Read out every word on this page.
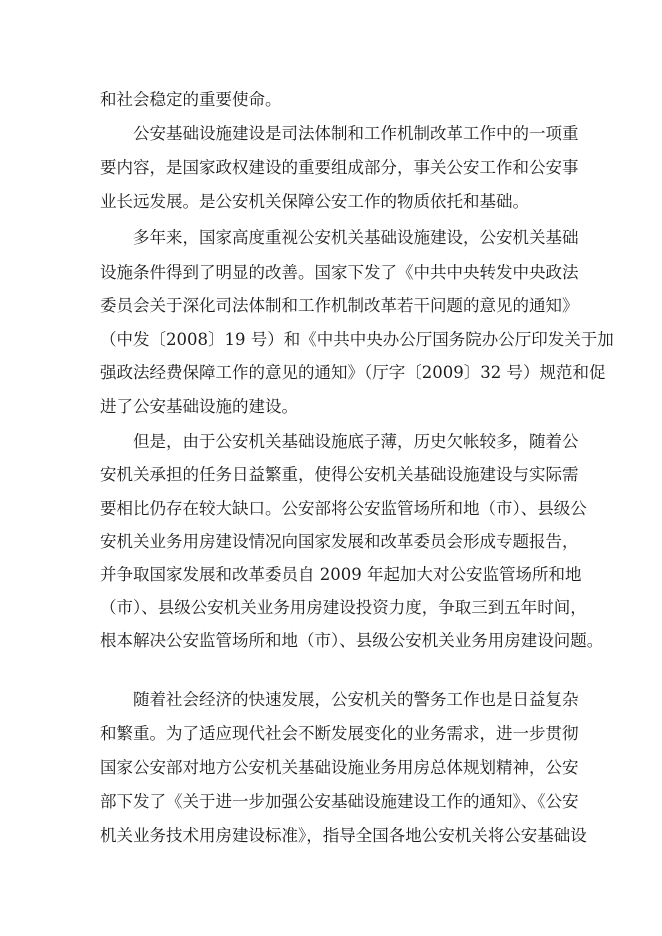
和社会稳定的重要使命。
公安基础设施建设是司法体制和工作机制改革工作中的一项重
要内容，是国家政权建设的重要组成部分，事关公安工作和公安事
业长远发展。是公安机关保障公安工作的物质依托和基础。
多年来，国家高度重视公安机关基础设施建设，公安机关基础
设施条件得到了明显的改善。国家下发了《中共中央转发中央政法
委员会关于深化司法体制和工作机制改革若干问题的意见的通知》
（中发〔2008〕19 号）和《中共中央办公厅国务院办公厅印发关于加
强政法经费保障工作的意见的通知》（厅字〔2009〕32 号）规范和促
进了公安基础设施的建设。
但是，由于公安机关基础设施底子薄，历史欠帐较多，随着公
安机关承担的任务日益繁重，使得公安机关基础设施建设与实际需
要相比仍存在较大缺口。公安部将公安监管场所和地（市）、县级公
安机关业务用房建设情况向国家发展和改革委员会形成专题报告，
并争取国家发展和改革委员自 2009 年起加大对公安监管场所和地
（市）、县级公安机关业务用房建设投资力度，争取三到五年时间，
根本解决公安监管场所和地（市）、县级公安机关业务用房建设问题。
随着社会经济的快速发展，公安机关的警务工作也是日益复杂
和繁重。为了适应现代社会不断发展变化的业务需求，进一步贯彻
国家公安部对地方公安机关基础设施业务用房总体规划精神，公安
部下发了《关于进一步加强公安基础设施建设工作的通知》、《公安
机关业务技术用房建设标准》，指导全国各地公安机关将公安基础设
